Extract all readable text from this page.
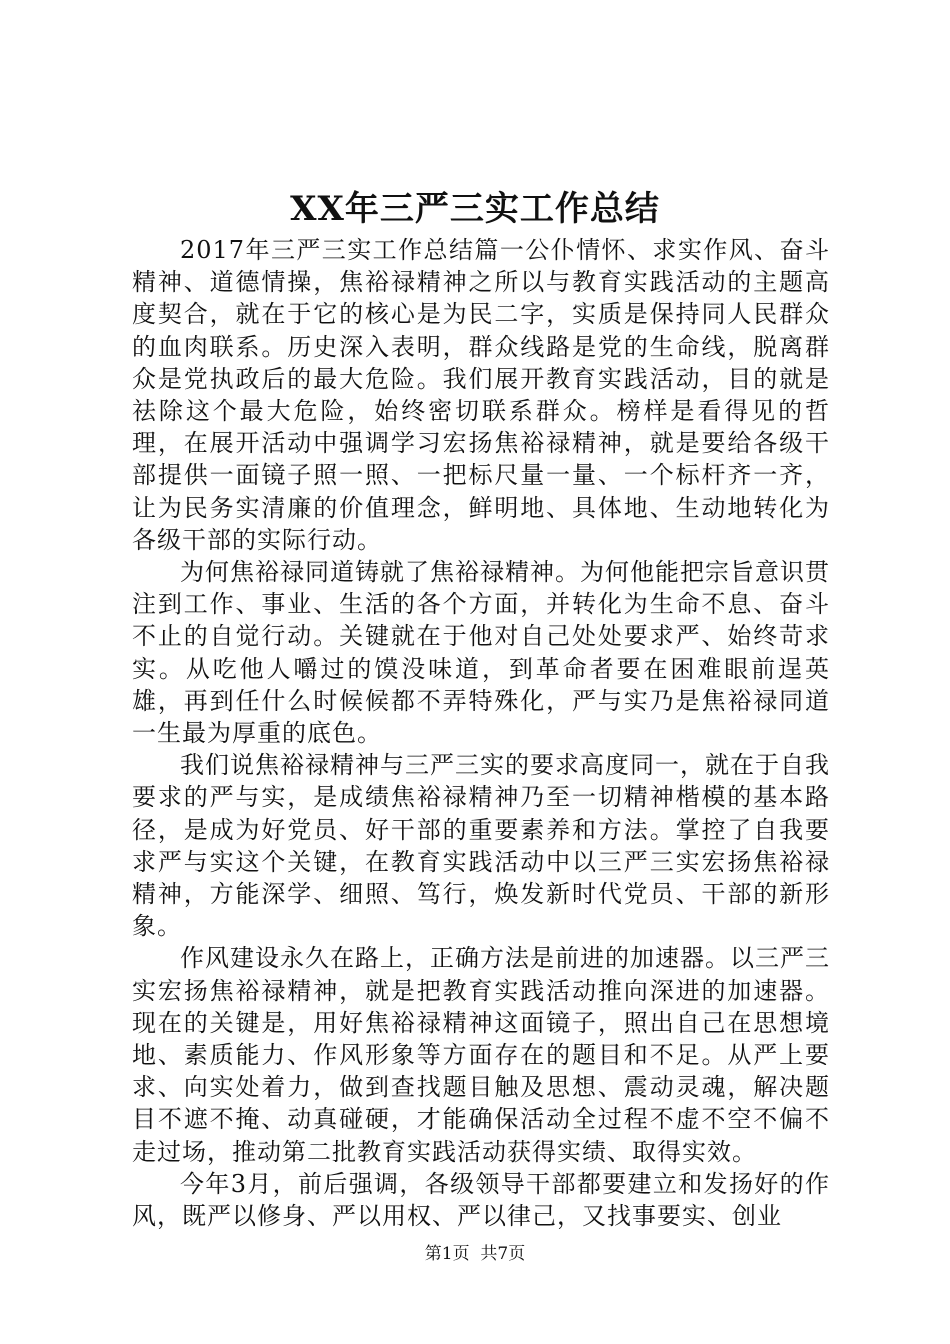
XX年三严三实工作总结

2017年三严三实工作总结篇一公仆情怀、求实作风、奋斗精神、道德情操，焦裕禄精神之所以与教育实践活动的主题高度契合，就在于它的核心是为民二字，实质是保持同人民群众的血肉联系。历史深入表明，群众线路是党的生命线，脱离群众是党执政后的最大危险。我们展开教育实践活动，目的就是祛除这个最大危险，始终密切联系群众。榜样是看得见的哲理，在展开活动中强调学习宏扬焦裕禄精神，就是要给各级干部提供一面镜子照一照、一把标尺量一量、一个标杆齐一齐，让为民务实清廉的价值理念，鲜明地、具体地、生动地转化为各级干部的实际行动。

为何焦裕禄同道铸就了焦裕禄精神。为何他能把宗旨意识贯注到工作、事业、生活的各个方面，并转化为生命不息、奋斗不止的自觉行动。关键就在于他对自己处处要求严、始终苛求实。从吃他人嚼过的馍没味道，到革命者要在困难眼前逞英雄，再到任什么时候候都不弄特殊化，严与实乃是焦裕禄同道一生最为厚重的底色。

我们说焦裕禄精神与三严三实的要求高度同一，就在于自我要求的严与实，是成绩焦裕禄精神乃至一切精神楷模的基本路径，是成为好党员、好干部的重要素养和方法。掌控了自我要求严与实这个关键，在教育实践活动中以三严三实宏扬焦裕禄精神，方能深学、细照、笃行，焕发新时代党员、干部的新形象。

作风建设永久在路上，正确方法是前进的加速器。以三严三实宏扬焦裕禄精神，就是把教育实践活动推向深进的加速器。现在的关键是，用好焦裕禄精神这面镜子，照出自己在思想境地、素质能力、作风形象等方面存在的题目和不足。从严上要求、向实处着力，做到查找题目触及思想、震动灵魂，解决题目不遮不掩、动真碰硬，才能确保活动全过程不虚不空不偏不走过场，推动第二批教育实践活动获得实绩、取得实效。

今年3月，前后强调，各级领导干部都要建立和发扬好的作风，既严以修身、严以用权、严以律己，又找事要实、创业

第1页 共7页
